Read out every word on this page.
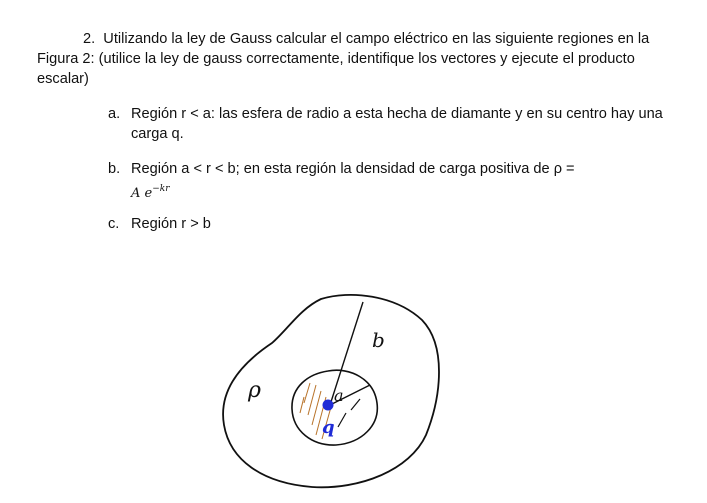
2. Utilizando la ley de Gauss calcular el campo eléctrico en las siguiente regiones en la Figura 2: (utilice la ley de gauss correctamente, identifique los vectores y ejecute el producto escalar)

a. Región r < a: las esfera de radio a esta hecha de diamante y en su centro hay una carga q.
b. Región a < r < b; en esta región la densidad de carga positiva de ρ =
A $e^{-kr}$
c. Región r > b
b
a
ρ
q
